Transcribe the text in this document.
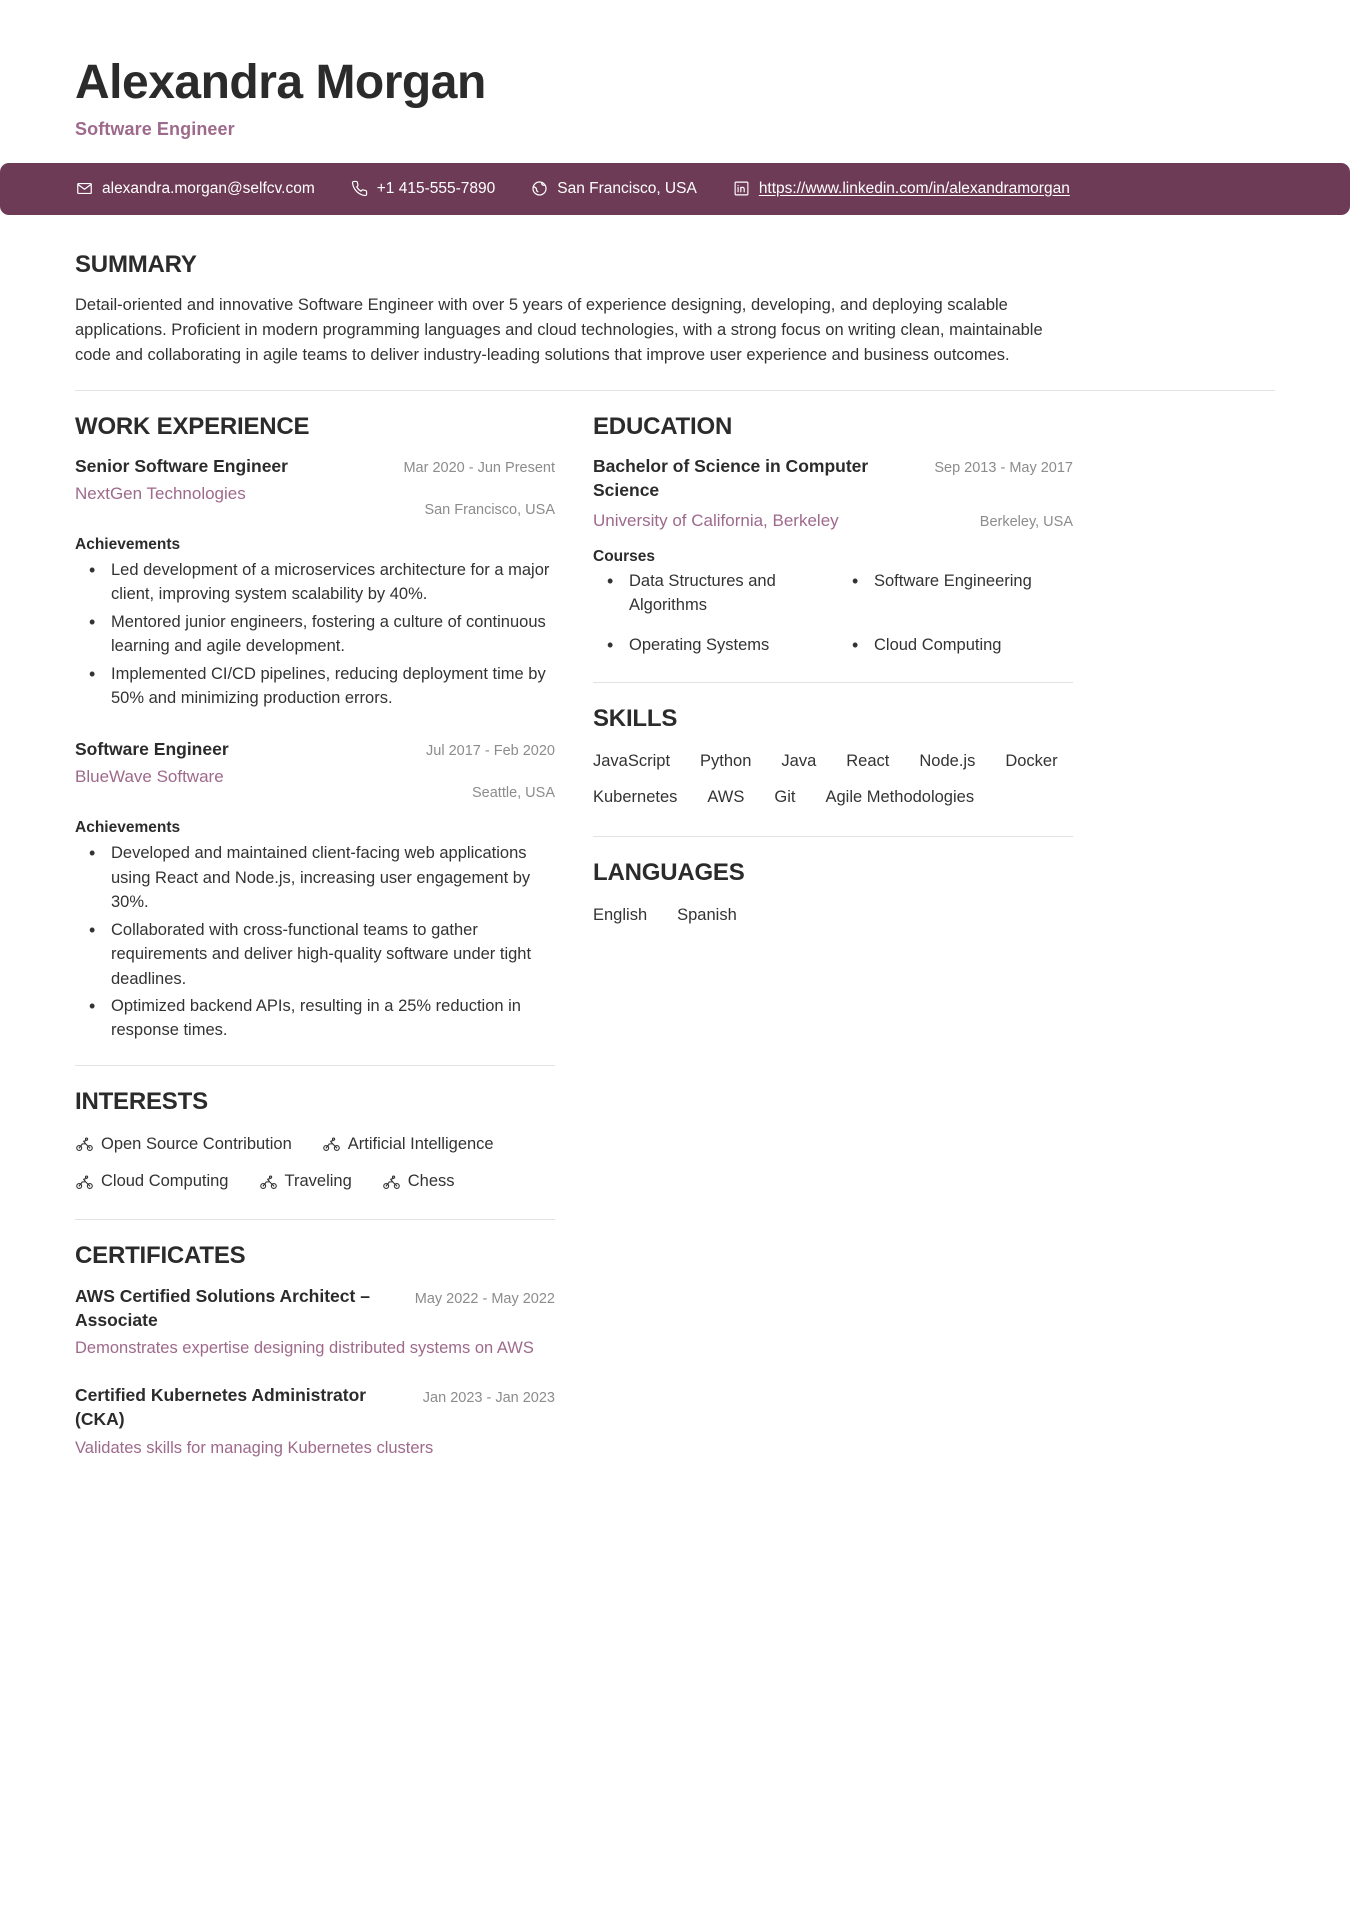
Alexandra Morgan
Software Engineer
alexandra.morgan@selfcv.com	+1 415-555-7890	San Francisco, USA	https://www.linkedin.com/in/alexandramorgan
SUMMARY
Detail-oriented and innovative Software Engineer with over 5 years of experience designing, developing, and deploying scalable applications. Proficient in modern programming languages and cloud technologies, with a strong focus on writing clean, maintainable code and collaborating in agile teams to deliver industry-leading solutions that improve user experience and business outcomes.
WORK EXPERIENCE
Senior Software Engineer
NextGen Technologies
Mar 2020 - Jun Present
San Francisco, USA
Achievements
• Led development of a microservices architecture for a major client, improving system scalability by 40%.
• Mentored junior engineers, fostering a culture of continuous learning and agile development.
• Implemented CI/CD pipelines, reducing deployment time by 50% and minimizing production errors.
Software Engineer
BlueWave Software
Jul 2017 - Feb 2020
Seattle, USA
Achievements
• Developed and maintained client-facing web applications using React and Node.js, increasing user engagement by 30%.
• Collaborated with cross-functional teams to gather requirements and deliver high-quality software under tight deadlines.
• Optimized backend APIs, resulting in a 25% reduction in response times.
INTERESTS
Open Source Contribution	Artificial Intelligence
Cloud Computing	Traveling	Chess
CERTIFICATES
AWS Certified Solutions Architect – Associate
May 2022 - May 2022
Demonstrates expertise designing distributed systems on AWS
Certified Kubernetes Administrator (CKA)
Jan 2023 - Jan 2023
Validates skills for managing Kubernetes clusters
EDUCATION
Bachelor of Science in Computer Science
Sep 2013 - May 2017
University of California, Berkeley	Berkeley, USA
Courses
• Data Structures and Algorithms
• Software Engineering
• Operating Systems	• Cloud Computing
SKILLS
JavaScript Python Java React Node.js Docker
Kubernetes AWS Git Agile Methodologies
LANGUAGES
English Spanish
